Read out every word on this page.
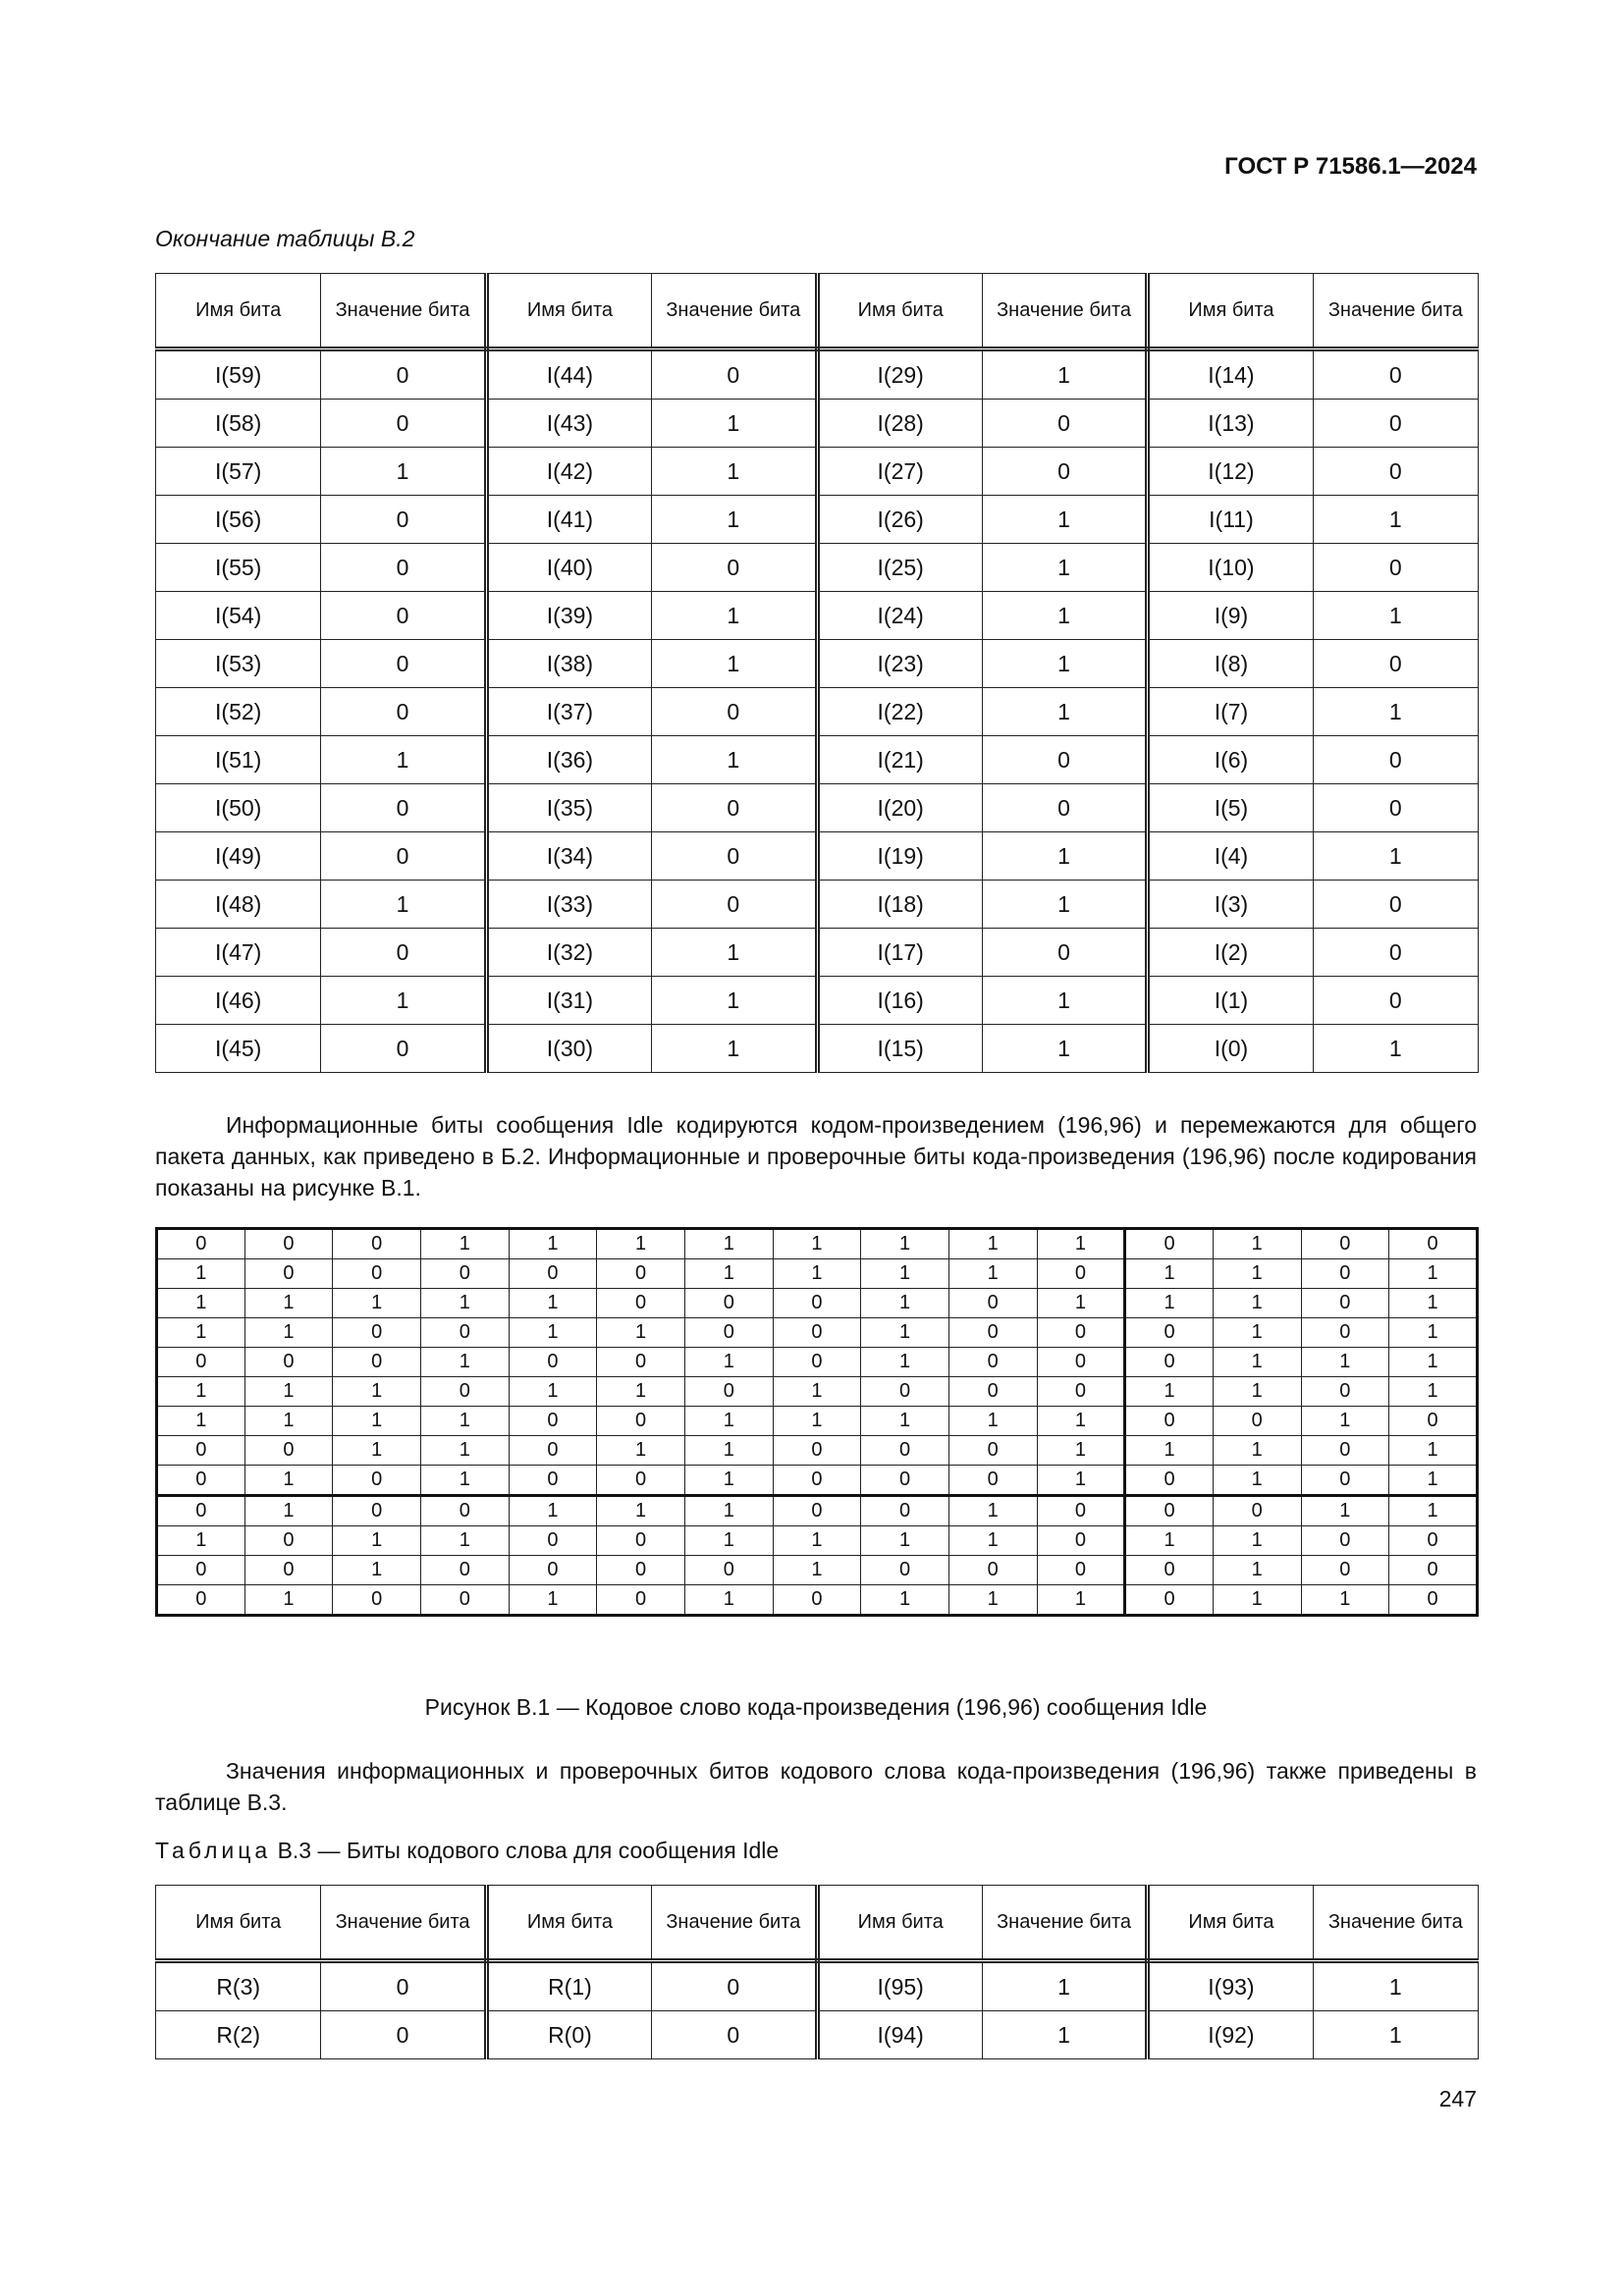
ГОСТ Р 71586.1—2024
Окончание таблицы В.2
Имя бита	Значение бита	Имя бита	Значение бита	Имя бита	Значение бита	Имя бита	Значение бита
I(59)	0	I(44)	0	I(29)	1	I(14)	0
I(58)	0	I(43)	1	I(28)	0	I(13)	0
I(57)	1	I(42)	1	I(27)	0	I(12)	0
I(56)	0	I(41)	1	I(26)	1	I(11)	1
I(55)	0	I(40)	0	I(25)	1	I(10)	0
I(54)	0	I(39)	1	I(24)	1	I(9)	1
I(53)	0	I(38)	1	I(23)	1	I(8)	0
I(52)	0	I(37)	0	I(22)	1	I(7)	1
I(51)	1	I(36)	1	I(21)	0	I(6)	0
I(50)	0	I(35)	0	I(20)	0	I(5)	0
I(49)	0	I(34)	0	I(19)	1	I(4)	1
I(48)	1	I(33)	0	I(18)	1	I(3)	0
I(47)	0	I(32)	1	I(17)	0	I(2)	0
I(46)	1	I(31)	1	I(16)	1	I(1)	0
I(45)	0	I(30)	1	I(15)	1	I(0)	1
Информационные биты сообщения Idle кодируются кодом-произведением (196,96) и перемежаются для общего пакета данных, как приведено в Б.2. Информационные и проверочные биты кода-произведения (196,96) после кодирования показаны на рисунке В.1.
0	0	0	1	1	1	1	1	1	1	1	0	1	0	0
1	0	0	0	0	0	1	1	1	1	0	1	1	0	1
1	1	1	1	1	0	0	0	1	0	1	1	1	0	1
1	1	0	0	1	1	0	0	1	0	0	0	1	0	1
0	0	0	1	0	0	1	0	1	0	0	0	1	1	1
1	1	1	0	1	1	0	1	0	0	0	1	1	0	1
1	1	1	1	0	0	1	1	1	1	1	0	0	1	0
0	0	1	1	0	1	1	0	0	0	1	1	1	0	1
0	1	0	1	0	0	1	0	0	0	1	0	1	0	1
0	1	0	0	1	1	1	0	0	1	0	0	0	1	1
1	0	1	1	0	0	1	1	1	1	0	1	1	0	0
0	0	1	0	0	0	0	1	0	0	0	0	1	0	0
0	1	0	0	1	0	1	0	1	1	1	0	1	1	0
Рисунок В.1 — Кодовое слово кода-произведения (196,96) сообщения Idle
Значения информационных и проверочных битов кодового слова кода-произведения (196,96) также приведены в таблице В.3.
Таблица В.3 — Биты кодового слова для сообщения Idle
Имя бита	Значение бита	Имя бита	Значение бита	Имя бита	Значение бита	Имя бита	Значение бита
R(3)	0	R(1)	0	I(95)	1	I(93)	1
R(2)	0	R(0)	0	I(94)	1	I(92)	1
247
